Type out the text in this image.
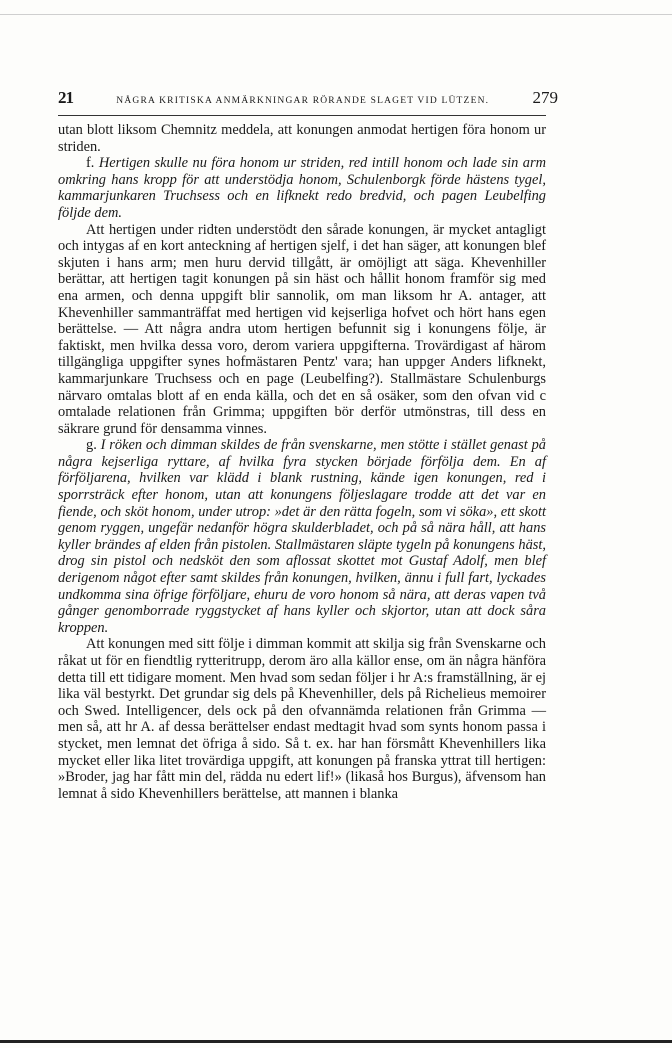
21	NÅGRA KRITISKA ANMÄRKNINGAR RÖRANDE SLAGET VID LÜTZEN.	279

utan blott liksom Chemnitz meddela, att konungen anmodat hertigen föra honom ur striden.

f. Hertigen skulle nu föra honom ur striden, red intill honom och lade sin arm omkring hans kropp för att understödja honom, Schulenborgk förde hästens tygel, kammarjunkaren Truchsess och en lifknekt redo bredvid, och pagen Leubelfing följde dem.

Att hertigen under ridten understödt den sårade konungen, är mycket antagligt och intygas af en kort anteckning af hertigen sjelf, i det han säger, att konungen blef skjuten i hans arm; men huru dervid tillgått, är omöjligt att säga. Khevenhiller berättar, att hertigen tagit konungen på sin häst och hållit honom framför sig med ena armen, och denna uppgift blir sannolik, om man liksom hr A. antager, att Khevenhiller sammanträffat med hertigen vid kejserliga hofvet och hört hans egen berättelse. — Att några andra utom hertigen befunnit sig i konungens följe, är faktiskt, men hvilka dessa voro, derom variera uppgifterna. Trovärdigast af härom tillgängliga uppgifter synes hofmästaren Pentz' vara; han uppger Anders lifknekt, kammarjunkare Truchsess och en page (Leubelfing?). Stallmästare Schulenburgs närvaro omtalas blott af en enda källa, och det en så osäker, som den ofvan vid c omtalade relationen från Grimma; uppgiften bör derför utmönstras, till dess en säkrare grund för densamma vinnes.

g. I röken och dimman skildes de från svenskarne, men stötte i stället genast på några kejserliga ryttare, af hvilka fyra stycken började förfölja dem. En af förföljarena, hvilken var klädd i blank rustning, kände igen konungen, red i sporrsträck efter honom, utan att konungens följeslagare trodde att det var en fiende, och sköt honom, under utrop: »det är den rätta fogeln, som vi söka», ett skott genom ryggen, ungefär nedanför högra skulderbladet, och på så nära håll, att hans kyller brändes af elden från pistolen. Stallmästaren släpte tygeln på konungens häst, drog sin pistol och nedsköt den som aflossat skottet mot Gustaf Adolf, men blef derigenom något efter samt skildes från konungen, hvilken, ännu i full fart, lyckades undkomma sina öfrige förföljare, ehuru de voro honom så nära, att deras vapen två gånger genomborrade ryggstycket af hans kyller och skjortor, utan att dock såra kroppen.

Att konungen med sitt följe i dimman kommit att skilja sig från Svenskarne och råkat ut för en fiendtlig rytteritrupp, derom äro alla källor ense, om än några hänföra detta till ett tidigare moment. Men hvad som sedan följer i hr A:s framställning, är ej lika väl bestyrkt. Det grundar sig dels på Khevenhiller, dels på Richelieus memoirer och Swed. Intelligencer, dels ock på den ofvannämda relationen från Grimma — men så, att hr A. af dessa berättelser endast medtagit hvad som synts honom passa i stycket, men lemnat det öfriga å sido. Så t. ex. har han försmått Khevenhillers lika mycket eller lika litet trovärdiga uppgift, att konungen på franska yttrat till hertigen: »Broder, jag har fått min del, rädda nu edert lif!» (likaså hos Burgus), äfvensom han lemnat å sido Khevenhillers berättelse, att mannen i blanka
